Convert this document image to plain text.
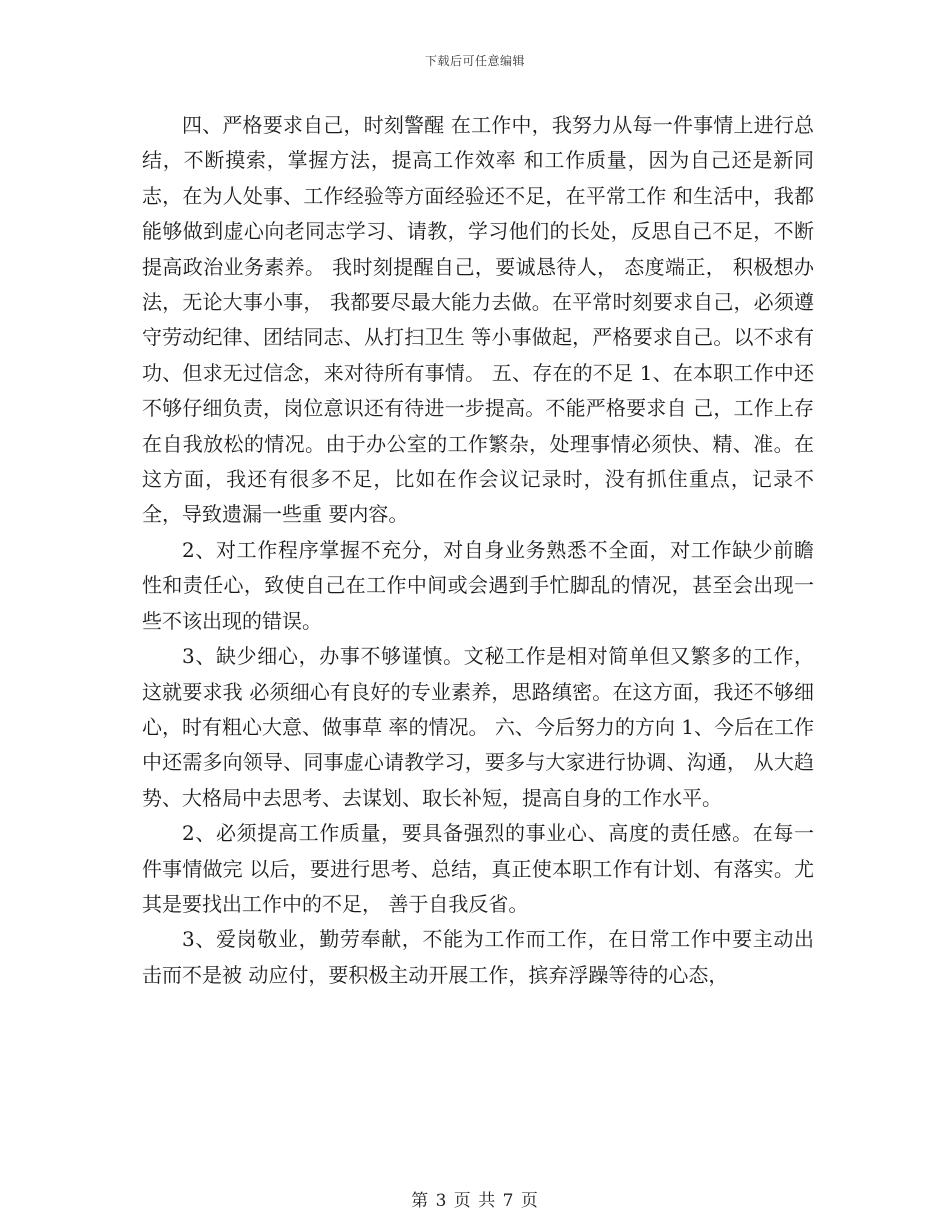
下载后可任意编辑

四、严格要求自己，时刻警醒 在工作中，我努力从每一件事情上进行总结，不断摸索，掌握方法，提高工作效率 和工作质量，因为自己还是新同志，在为人处事、工作经验等方面经验还不足，在平常工作 和生活中，我都能够做到虚心向老同志学习、请教，学习他们的长处，反思自己不足，不断 提高政治业务素养。 我时刻提醒自己，要诚恳待人， 态度端正， 积极想办法，无论大事小事， 我都要尽最大能力去做。在平常时刻要求自己，必须遵守劳动纪律、团结同志、从打扫卫生 等小事做起，严格要求自己。以不求有功、但求无过信念，来对待所有事情。 五、存在的不足 1、在本职工作中还不够仔细负责，岗位意识还有待进一步提高。不能严格要求自 己，工作上存在自我放松的情况。由于办公室的工作繁杂，处理事情必须快、精、准。在这方面，我还有很多不足，比如在作会议记录时，没有抓住重点，记录不全，导致遗漏一些重 要内容。

2、对工作程序掌握不充分，对自身业务熟悉不全面，对工作缺少前瞻性和责任心，致使自己在工作中间或会遇到手忙脚乱的情况，甚至会出现一些不该出现的错误。

3、缺少细心，办事不够谨慎。文秘工作是相对简单但又繁多的工作，这就要求我 必须细心有良好的专业素养，思路缜密。在这方面，我还不够细心，时有粗心大意、做事草 率的情况。 六、今后努力的方向 1、今后在工作中还需多向领导、同事虚心请教学习，要多与大家进行协调、沟通， 从大趋势、大格局中去思考、去谋划、取长补短，提高自身的工作水平。

2、必须提高工作质量，要具备强烈的事业心、高度的责任感。在每一件事情做完 以后，要进行思考、总结，真正使本职工作有计划、有落实。尤其是要找出工作中的不足， 善于自我反省。

3、爱岗敬业，勤劳奉献，不能为工作而工作，在日常工作中要主动出击而不是被 动应付，要积极主动开展工作，摈弃浮躁等待的心态，

第 3 页 共 7 页
